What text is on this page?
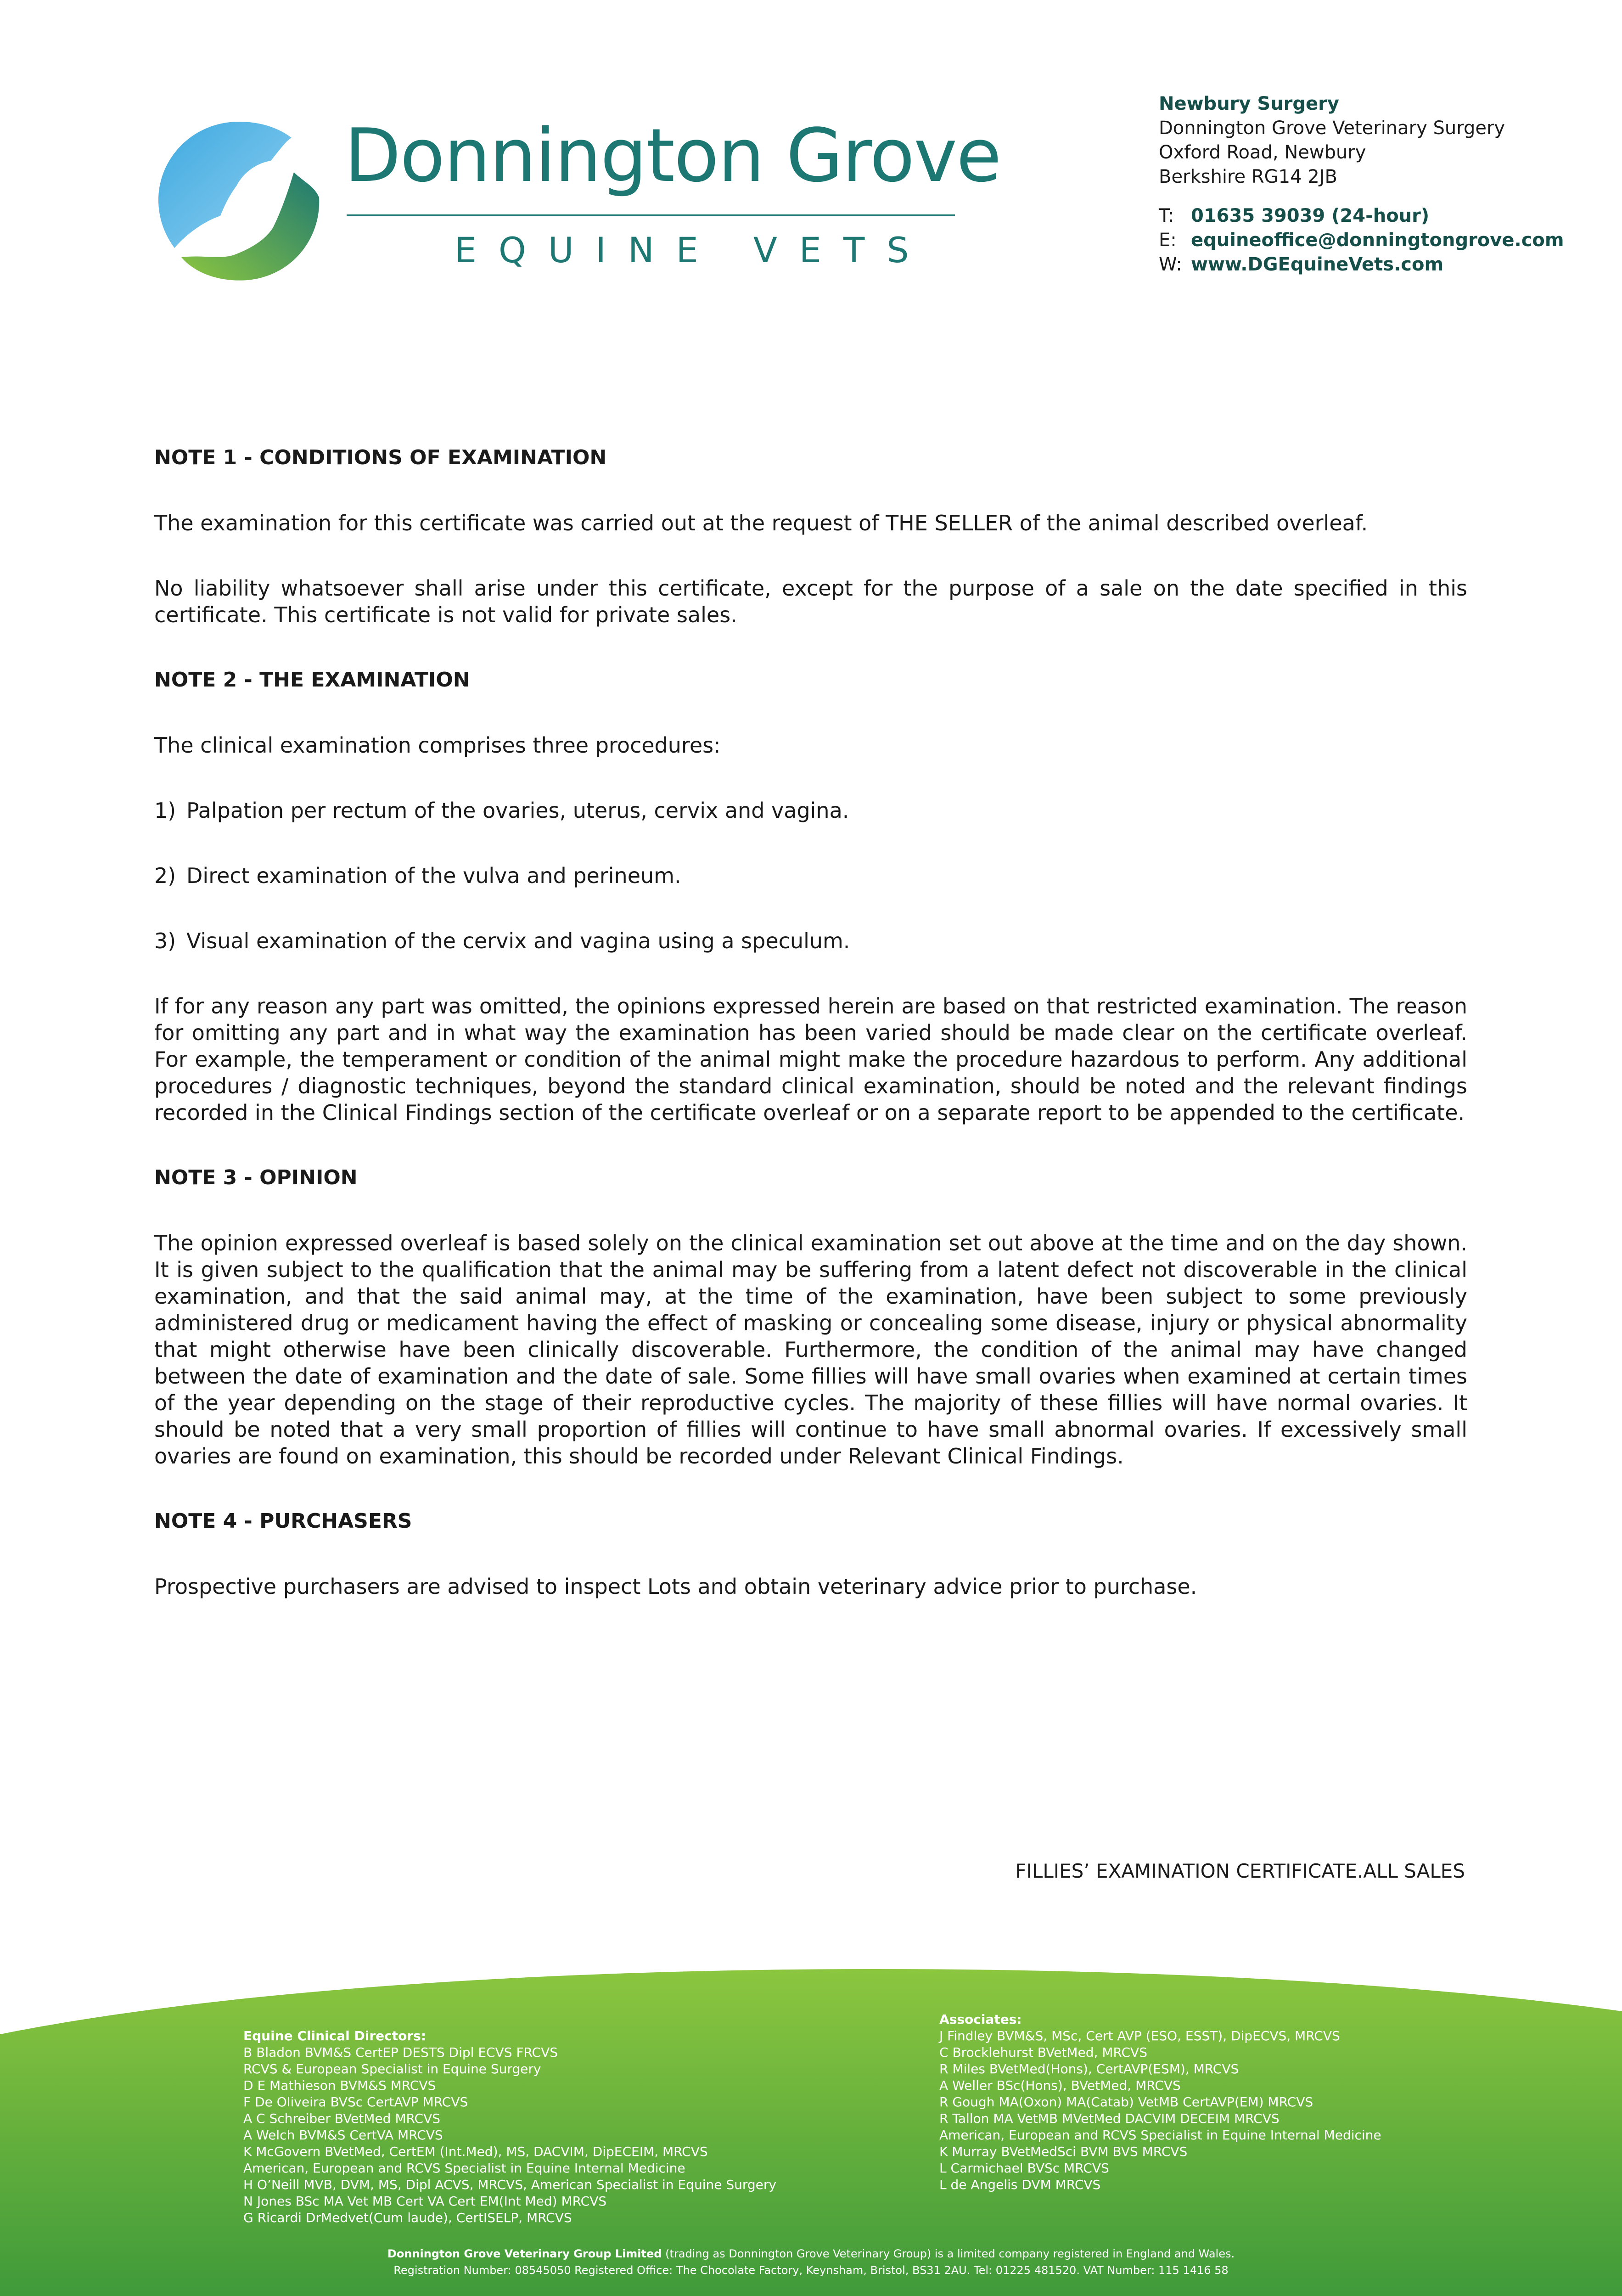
Donnington Grove
EQUINE VETS
Newbury Surgery
Donnington Grove Veterinary Surgery
Oxford Road, Newbury
Berkshire RG14 2JB
T: 01635 39039 (24-hour)
E: equineoffice@donningtongrove.com
W: www.DGEquineVets.com
NOTE 1 - CONDITIONS OF EXAMINATION

The examination for this certificate was carried out at the request of THE SELLER of the animal described overleaf.

No liability whatsoever shall arise under this certificate, except for the purpose of a sale on the date specified in this certificate. This certificate is not valid for private sales.

NOTE 2 - THE EXAMINATION

The clinical examination comprises three procedures:

1) Palpation per rectum of the ovaries, uterus, cervix and vagina.
2) Direct examination of the vulva and perineum.
3) Visual examination of the cervix and vagina using a speculum.

If for any reason any part was omitted, the opinions expressed herein are based on that restricted examination. The reason for omitting any part and in what way the examination has been varied should be made clear on the certificate overleaf. For example, the temperament or condition of the animal might make the procedure hazardous to perform. Any additional procedures / diagnostic techniques, beyond the standard clinical examination, should be noted and the relevant findings recorded in the Clinical Findings section of the certificate overleaf or on a separate report to be appended to the certificate.

NOTE 3 - OPINION

The opinion expressed overleaf is based solely on the clinical examination set out above at the time and on the day shown. It is given subject to the qualification that the animal may be suffering from a latent defect not discoverable in the clinical examination, and that the said animal may, at the time of the examination, have been subject to some previously administered drug or medicament having the effect of masking or concealing some disease, injury or physical abnormality that might otherwise have been clinically discoverable. Furthermore, the condition of the animal may have changed between the date of examination and the date of sale. Some fillies will have small ovaries when examined at certain times of the year depending on the stage of their reproductive cycles. The majority of these fillies will have normal ovaries. It should be noted that a very small proportion of fillies will continue to have small abnormal ovaries. If excessively small ovaries are found on examination, this should be recorded under Relevant Clinical Findings.

NOTE 4 - PURCHASERS

Prospective purchasers are advised to inspect Lots and obtain veterinary advice prior to purchase.

FILLIES’ EXAMINATION CERTIFICATE.ALL SALES
Equine Clinical Directors:
B Bladon BVM&S CertEP DESTS Dipl ECVS FRCVS
RCVS & European Specialist in Equine Surgery
D E Mathieson BVM&S MRCVS
F De Oliveira BVSc CertAVP MRCVS
A C Schreiber BVetMed MRCVS
A Welch BVM&S CertVA MRCVS
K McGovern BVetMed, CertEM (Int.Med), MS, DACVIM, DipECEIM, MRCVS
American, European and RCVS Specialist in Equine Internal Medicine
H O’Neill MVB, DVM, MS, Dipl ACVS, MRCVS, American Specialist in Equine Surgery
N Jones BSc MA Vet MB Cert VA Cert EM(Int Med) MRCVS
G Ricardi DrMedvet(Cum laude), CertISELP, MRCVS
Associates:
J Findley BVM&S, MSc, Cert AVP (ESO, ESST), DipECVS, MRCVS
C Brocklehurst BVetMed, MRCVS
R Miles BVetMed(Hons), CertAVP(ESM), MRCVS
A Weller BSc(Hons), BVetMed, MRCVS
R Gough MA(Oxon) MA(Catab) VetMB CertAVP(EM) MRCVS
R Tallon MA VetMB MVetMed DACVIM DECEIM MRCVS
American, European and RCVS Specialist in Equine Internal Medicine
K Murray BVetMedSci BVM BVS MRCVS
L Carmichael BVSc MRCVS
L de Angelis DVM MRCVS
Donnington Grove Veterinary Group Limited (trading as Donnington Grove Veterinary Group) is a limited company registered in England and Wales.
Registration Number: 08545050 Registered Office: The Chocolate Factory, Keynsham, Bristol, BS31 2AU. Tel: 01225 481520. VAT Number: 115 1416 58
